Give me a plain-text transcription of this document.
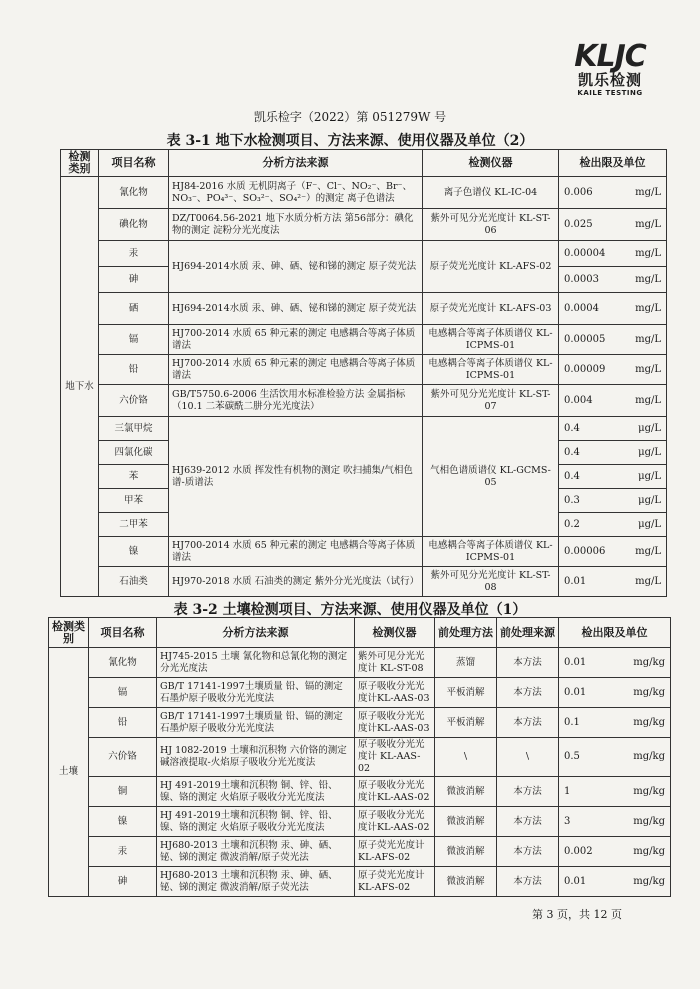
KLJC
凯乐检测
KAILE TESTING
凯乐检字（2022）第 051279W 号
表 3-1 地下水检测项目、方法来源、使用仪器及单位（2）
检测类别	项目名称	分析方法来源	检测仪器	检出限及单位
地下水	氰化物	HJ84-2016 水质 无机阴离子（F⁻、Cl⁻、NO₂⁻、Br⁻、NO₃⁻、PO₄³⁻、SO₃²⁻、SO₄²⁻）的测定 离子色谱法	离子色谱仪 KL-IC-04	0.006 mg/L

	碘化物	DZ/T0064.56-2021 地下水质分析方法 第56部分：碘化物的测定 淀粉分光光度法	紫外可见分光光度计 KL-ST-06	0.025 mg/L

	汞	HJ694-2014水质 汞、砷、硒、铋和锑的测定 原子荧光法	原子荧光光度计 KL-AFS-02	0.00004 mg/L

	砷			0.0003 mg/L

	硒	HJ694-2014水质 汞、砷、硒、铋和锑的测定 原子荧光法	原子荧光光度计 KL-AFS-03	0.0004 mg/L

	镉	HJ700-2014 水质 65 种元素的测定 电感耦合等离子体质谱法	电感耦合等离子体质谱仪 KL-ICPMS-01	0.00005 mg/L

	铅	HJ700-2014 水质 65 种元素的测定 电感耦合等离子体质谱法	电感耦合等离子体质谱仪 KL-ICPMS-01	0.00009 mg/L

	六价铬	GB/T5750.6-2006 生活饮用水标准检验方法 金属指标 （10.1 二苯碳酰二肼分光光度法）	紫外可见分光光度计 KL-ST-07	0.004 mg/L

	三氯甲烷	HJ639-2012 水质 挥发性有机物的测定 吹扫捕集/气相色谱-质谱法	气相色谱质谱仪 KL-GCMS-05	0.4 μg/L

	四氯化碳			0.4 μg/L

	苯			0.4 μg/L

	甲苯			0.3 μg/L

	二甲苯			0.2 μg/L

	镍	HJ700-2014 水质 65 种元素的测定 电感耦合等离子体质谱法	电感耦合等离子体质谱仪 KL-ICPMS-01	0.00006 mg/L

	石油类	HJ970-2018 水质 石油类的测定 紫外分光光度法（试行）	紫外可见分光光度计 KL-ST-08	0.01 mg/L
表 3-2 土壤检测项目、方法来源、使用仪器及单位（1）
检测类别	项目名称	分析方法来源	检测仪器	前处理方法	前处理来源	检出限及单位
土壤	氰化物	HJ745-2015 土壤 氰化物和总氰化物的测定 分光光度法	紫外可见分光光度计 KL-ST-08	蒸馏	本方法	0.01 mg/kg

	镉	GB/T 17141-1997土壤质量 铅、镉的测定 石墨炉原子吸收分光光度法	原子吸收分光光度计KL-AAS-03	平板消解	本方法	0.01 mg/kg

	铅	GB/T 17141-1997土壤质量 铅、镉的测定 石墨炉原子吸收分光光度法	原子吸收分光光度计KL-AAS-03	平板消解	本方法	0.1 mg/kg

	六价铬	HJ 1082-2019 土壤和沉积物 六价铬的测定 碱溶液提取-火焰原子吸收分光光度法	原子吸收分光光度计 KL-AAS-02	\	\	0.5 mg/kg

	铜	HJ 491-2019土壤和沉积物 铜、锌、铅、镍、铬的测定 火焰原子吸收分光光度法	原子吸收分光光度计KL-AAS-02	微波消解	本方法	1 mg/kg

	镍	HJ 491-2019土壤和沉积物 铜、锌、铅、镍、铬的测定 火焰原子吸收分光光度法	原子吸收分光光度计KL-AAS-02	微波消解	本方法	3 mg/kg

	汞	HJ680-2013 土壤和沉积物 汞、砷、硒、铋、锑的测定 微波消解/原子荧光法	原子荧光光度计 KL-AFS-02	微波消解	本方法	0.002 mg/kg

	砷	HJ680-2013 土壤和沉积物 汞、砷、硒、铋、锑的测定 微波消解/原子荧光法	原子荧光光度计 KL-AFS-02	微波消解	本方法	0.01 mg/kg
第 3 页，共 12 页
